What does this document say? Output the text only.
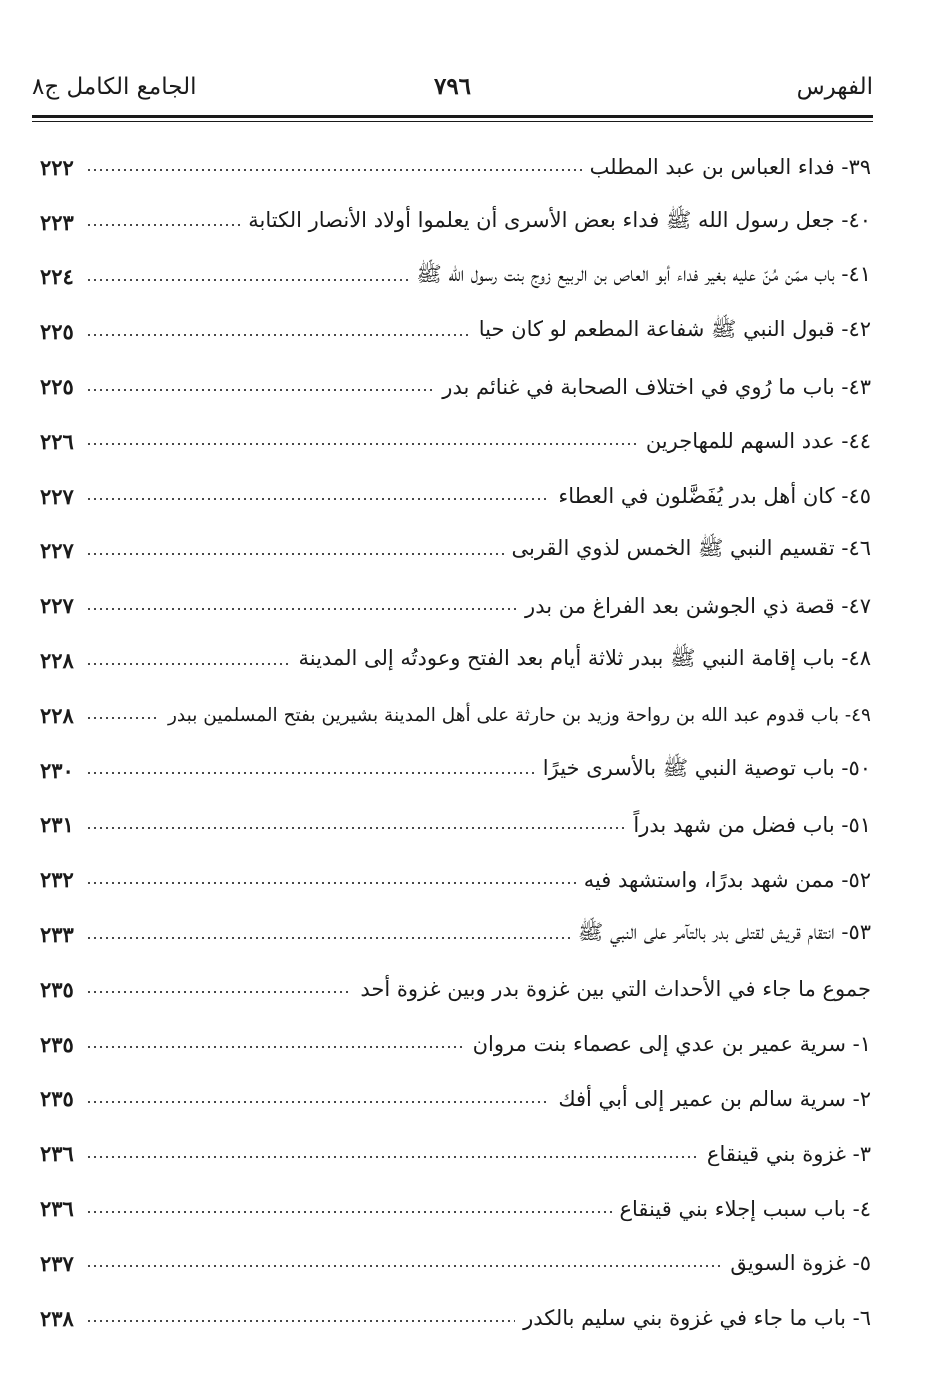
الفهرس
٧٩٦
الجامع الكامل ج٨
٣٩- فداء العباس بن عبد المطلب
٢٢٢
٤٠- جعل رسول الله ﷺ فداء بعض الأسرى أن يعلموا أولاد الأنصار الكتابة
٢٢٣
٤١- باب ممّن مُنّ عليه بغير فداء أبو العاص بن الربيع زوج بنت رسول الله ﷺ
٢٢٤
٤٢- قبول النبي ﷺ شفاعة المطعم لو كان حيا
٢٢٥
٤٣- باب ما رُوي في اختلاف الصحابة في غنائم بدر
٢٢٥
٤٤- عدد السهم للمهاجرين
٢٢٦
٤٥- كان أهل بدر يُفَضَّلون في العطاء
٢٢٧
٤٦- تقسيم النبي ﷺ الخمس لذوي القربى
٢٢٧
٤٧- قصة ذي الجوشن بعد الفراغ من بدر
٢٢٧
٤٨- باب إقامة النبي ﷺ ببدر ثلاثة أيام بعد الفتح وعودتُه إلى المدينة
٢٢٨
٤٩- باب قدوم عبد الله بن رواحة وزيد بن حارثة على أهل المدينة بشيرين بفتح المسلمين ببدر
٢٢٨
٥٠- باب توصية النبي ﷺ بالأسرى خيرًا
٢٣٠
٥١- باب فضل من شهد بدراً
٢٣١
٥٢- ممن شهد بدرًا، واستشهد فيه
٢٣٢
٥٣- انتقام قريش لقتلى بدر بالتآمر على النبي ﷺ
٢٣٣
جموع ما جاء في الأحداث التي بين غزوة بدر وبين غزوة أحد
٢٣٥
١- سرية عمير بن عدي إلى عصماء بنت مروان
٢٣٥
٢- سرية سالم بن عمير إلى أبي أفك
٢٣٥
٣- غزوة بني قينقاع
٢٣٦
٤- باب سبب إجلاء بني قينقاع
٢٣٦
٥- غزوة السويق
٢٣٧
٦- باب ما جاء في غزوة بني سليم بالكدر
٢٣٨
